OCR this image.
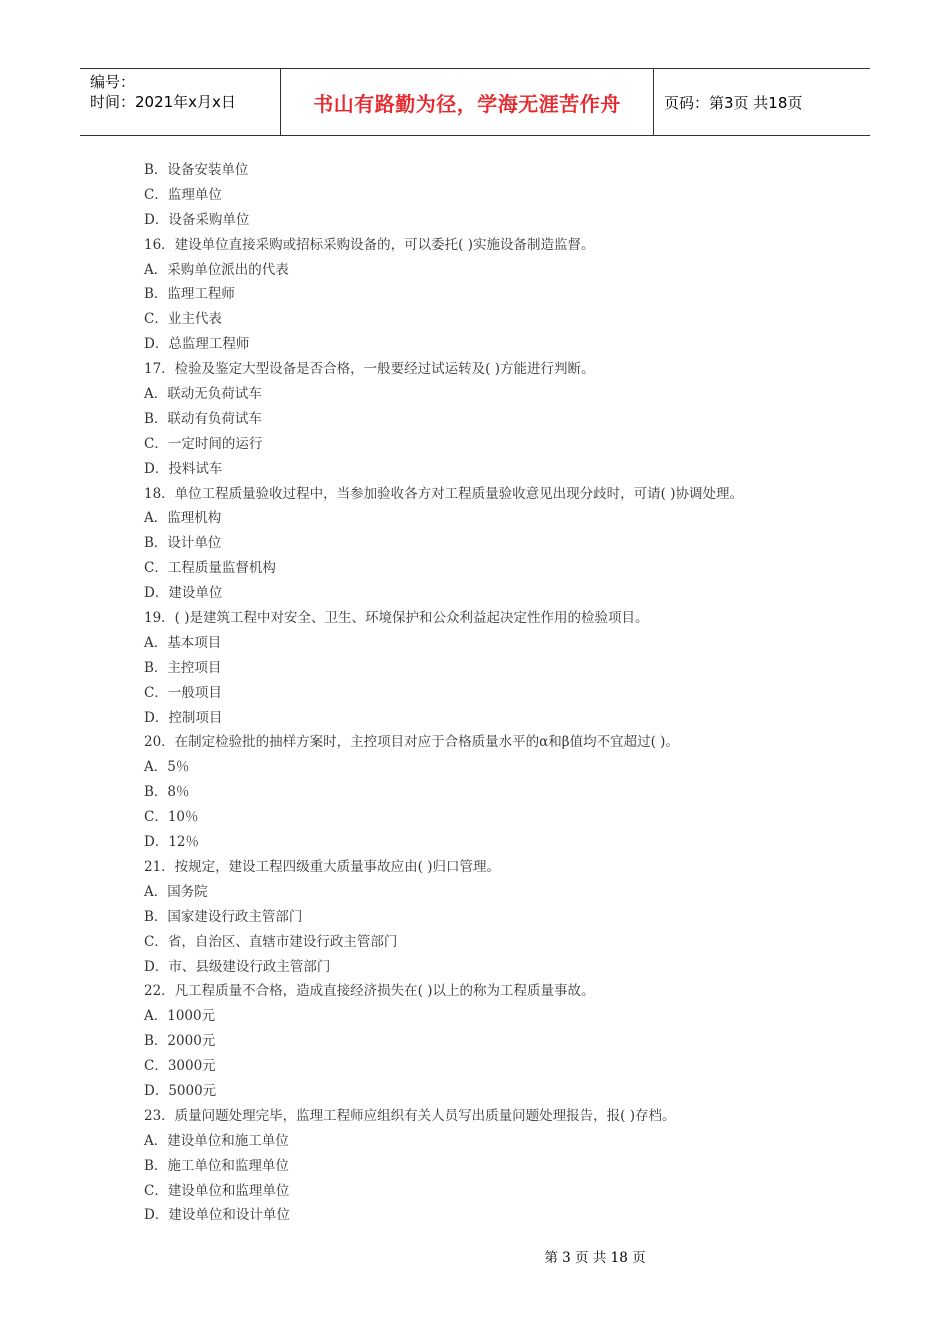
编号：
时间：2021年x月x日	书山有路勤为径，学海无涯苦作舟	页码：第3页 共18页
B．设备安装单位
C．监理单位
D．设备采购单位
16．建设单位直接采购或招标采购设备的，可以委托( )实施设备制造监督。
A．采购单位派出的代表
B．监理工程师
C．业主代表
D．总监理工程师
17．检验及鉴定大型设备是否合格，一般要经过试运转及( )方能进行判断。
A．联动无负荷试车
B．联动有负荷试车
C．一定时间的运行
D．投料试车
18．单位工程质量验收过程中，当参加验收各方对工程质量验收意见出现分歧时，可请( )协调处理。
A．监理机构
B．设计单位
C．工程质量监督机构
D．建设单位
19．( )是建筑工程中对安全、卫生、环境保护和公众利益起决定性作用的检验项目。
A．基本项目
B．主控项目
C．一般项目
D．控制项目
20．在制定检验批的抽样方案时，主控项目对应于合格质量水平的α和β值均不宜超过( )。
A．5％
B．8％
C．10％
D．12％
21．按规定，建设工程四级重大质量事故应由( )归口管理。
A．国务院
B．国家建设行政主管部门
C．省，自治区、直辖市建设行政主管部门
D．市、县级建设行政主管部门
22．凡工程质量不合格，造成直接经济损失在( )以上的称为工程质量事故。
A．1000元
B．2000元
C．3000元
D．5000元
23．质量问题处理完毕，监理工程师应组织有关人员写出质量问题处理报告，报( )存档。
A．建设单位和施工单位
B．施工单位和监理单位
C．建设单位和监理单位
D．建设单位和设计单位
第 3 页 共 18 页
